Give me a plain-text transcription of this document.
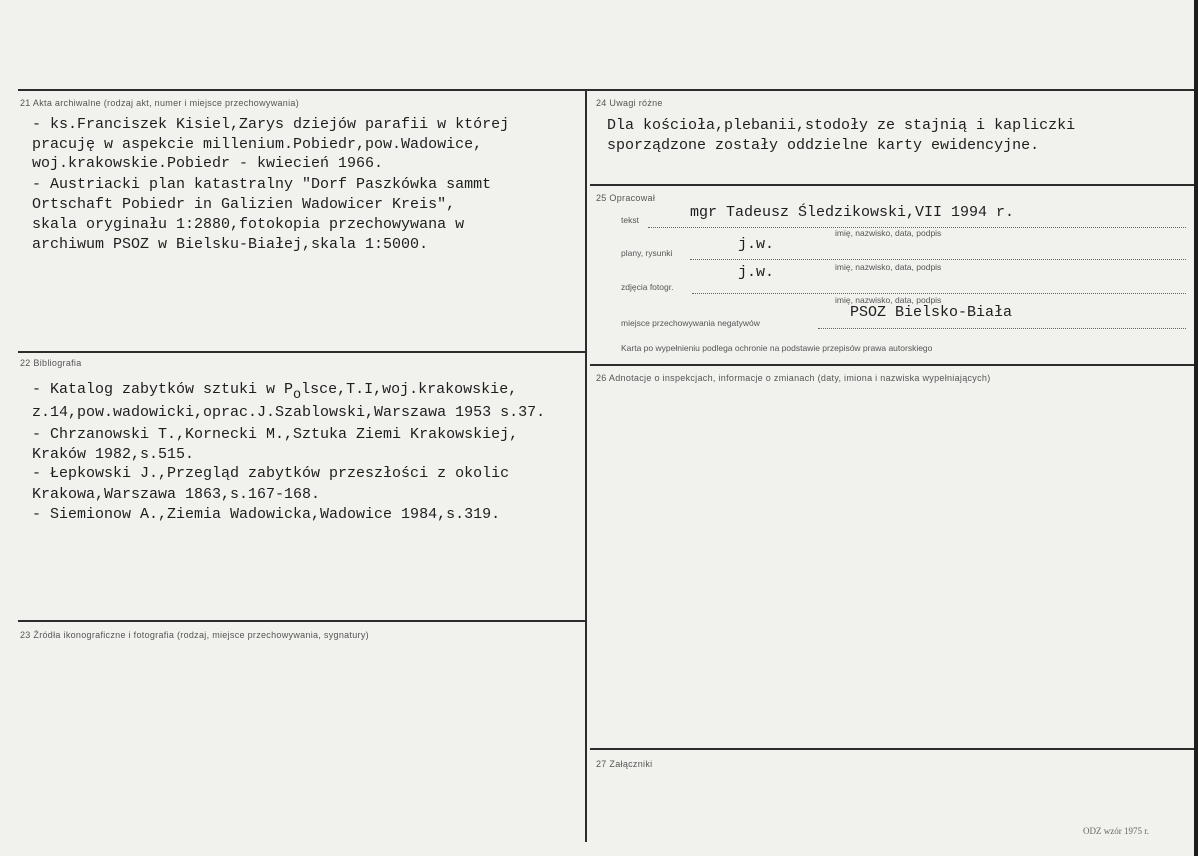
21 Akta archiwalne (rodzaj akt, numer i miejsce przechowywania)
- ks.Franciszek Kisiel,Zarys dziejów parafii w której
pracuję w aspekcie millenium.Pobiedr,pow.Wadowice,
woj.krakowskie.Pobiedr - kwiecień 1966.
- Austriacki plan katastralny "Dorf Paszkówka sammt
Ortschaft Pobiedr in Galizien Wadowicer Kreis",
skala oryginału 1:2880,fotokopia przechowywana w
archiwum PSOZ w Bielsku-Białej,skala 1:5000.
22 Bibliografia
- Katalog zabytków sztuki w Polsce,T.I,woj.krakowskie,
z.14,pow.wadowicki,oprac.J.Szablowski,Warszawa 1953 s.37.
- Chrzanowski T.,Kornecki M.,Sztuka Ziemi Krakowskiej,
Kraków 1982,s.515.
- Łepkowski J.,Przegląd zabytków przeszłości z okolic
Krakowa,Warszawa 1863,s.167-168.
- Siemionow A.,Ziemia Wadowicka,Wadowice 1984,s.319.
23 Źródła ikonograficzne i fotografia (rodzaj, miejsce przechowywania, sygnatury)
24 Uwagi różne
Dla kościoła,plebanii,stodoły ze stajnią i kapliczki
sporządzone zostały oddzielne karty ewidencyjne.
25 Opracował
tekst	mgr Tadeusz Śledzikowski,VII 1994 r.
imię, nazwisko, data, podpis
plany, rysunki	j.w.
imię, nazwisko, data, podpis
zdjęcia fotogr.
j.w.
imię, nazwisko, data, podpis
miejsce przechowywania negatywów
PSOZ Bielsko-Biała
Karta po wypełnieniu podlega ochronie na podstawie przepisów prawa autorskiego
26 Adnotacje o inspekcjach, informacje o zmianach (daty, imiona i nazwiska wypełniających)
27 Załączniki
ODZ wzór 1975 r.
